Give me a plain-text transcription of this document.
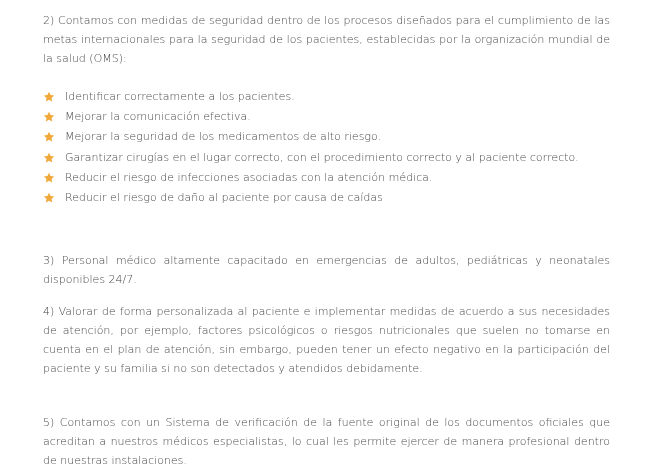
2) Contamos con medidas de seguridad dentro de los procesos diseñados para el cumplimiento de las metas internacionales para la seguridad de los pacientes, establecidas por la organización mundial de la salud (OMS):

Identificar correctamente a los pacientes.
Mejorar la comunicación efectiva.
Mejorar la seguridad de los medicamentos de alto riesgo.
Garantizar cirugías en el lugar correcto, con el procedimiento correcto y al paciente correcto.
Reducir el riesgo de infecciones asociadas con la atención médica.
Reducir el riesgo de daño al paciente por causa de caídas

3) Personal médico altamente capacitado en emergencias de adultos, pediátricas y neonatales disponibles 24/7.

4) Valorar de forma personalizada al paciente e implementar medidas de acuerdo a sus necesidades de atención, por ejemplo, factores psicológicos o riesgos nutricionales que suelen no tomarse en cuenta en el plan de atención, sin embargo, pueden tener un efecto negativo en la participación del paciente y su familia si no son detectados y atendidos debidamente.

5) Contamos con un Sistema de verificación de la fuente original de los documentos oficiales que acreditan a nuestros médicos especialistas, lo cual les permite ejercer de manera profesional dentro de nuestras instalaciones.
